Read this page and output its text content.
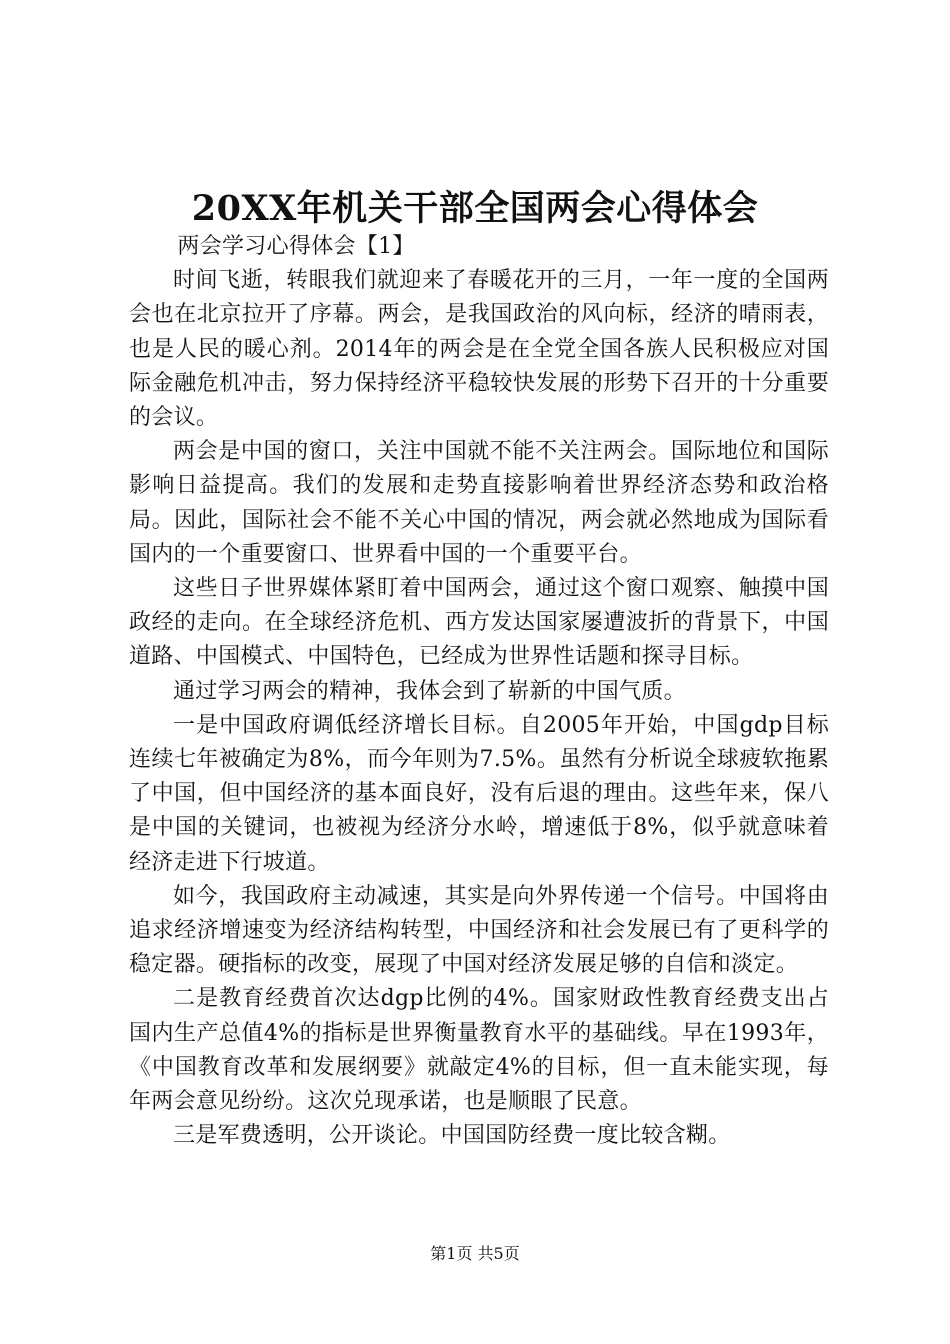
20XX年机关干部全国两会心得体会

两会学习心得体会【1】

时间飞逝，转眼我们就迎来了春暖花开的三月，一年一度的全国两会也在北京拉开了序幕。两会，是我国政治的风向标，经济的晴雨表，也是人民的暖心剂。2014年的两会是在全党全国各族人民积极应对国际金融危机冲击，努力保持经济平稳较快发展的形势下召开的十分重要的会议。

两会是中国的窗口，关注中国就不能不关注两会。国际地位和国际影响日益提高。我们的发展和走势直接影响着世界经济态势和政治格局。因此，国际社会不能不关心中国的情况，两会就必然地成为国际看国内的一个重要窗口、世界看中国的一个重要平台。

这些日子世界媒体紧盯着中国两会，通过这个窗口观察、触摸中国政经的走向。在全球经济危机、西方发达国家屡遭波折的背景下，中国道路、中国模式、中国特色，已经成为世界性话题和探寻目标。

通过学习两会的精神，我体会到了崭新的中国气质。

一是中国政府调低经济增长目标。自2005年开始，中国gdp目标连续七年被确定为8%，而今年则为7.5%。虽然有分析说全球疲软拖累了中国，但中国经济的基本面良好，没有后退的理由。这些年来，保八是中国的关键词，也被视为经济分水岭，增速低于8%，似乎就意味着经济走进下行坡道。

如今，我国政府主动减速，其实是向外界传递一个信号。中国将由追求经济增速变为经济结构转型，中国经济和社会发展已有了更科学的稳定器。硬指标的改变，展现了中国对经济发展足够的自信和淡定。

二是教育经费首次达dgp比例的4%。国家财政性教育经费支出占国内生产总值4%的指标是世界衡量教育水平的基础线。早在1993年，《中国教育改革和发展纲要》就敲定4%的目标，但一直未能实现，每年两会意见纷纷。这次兑现承诺，也是顺眼了民意。

三是军费透明，公开谈论。中国国防经费一度比较含糊。

第1页 共5页
